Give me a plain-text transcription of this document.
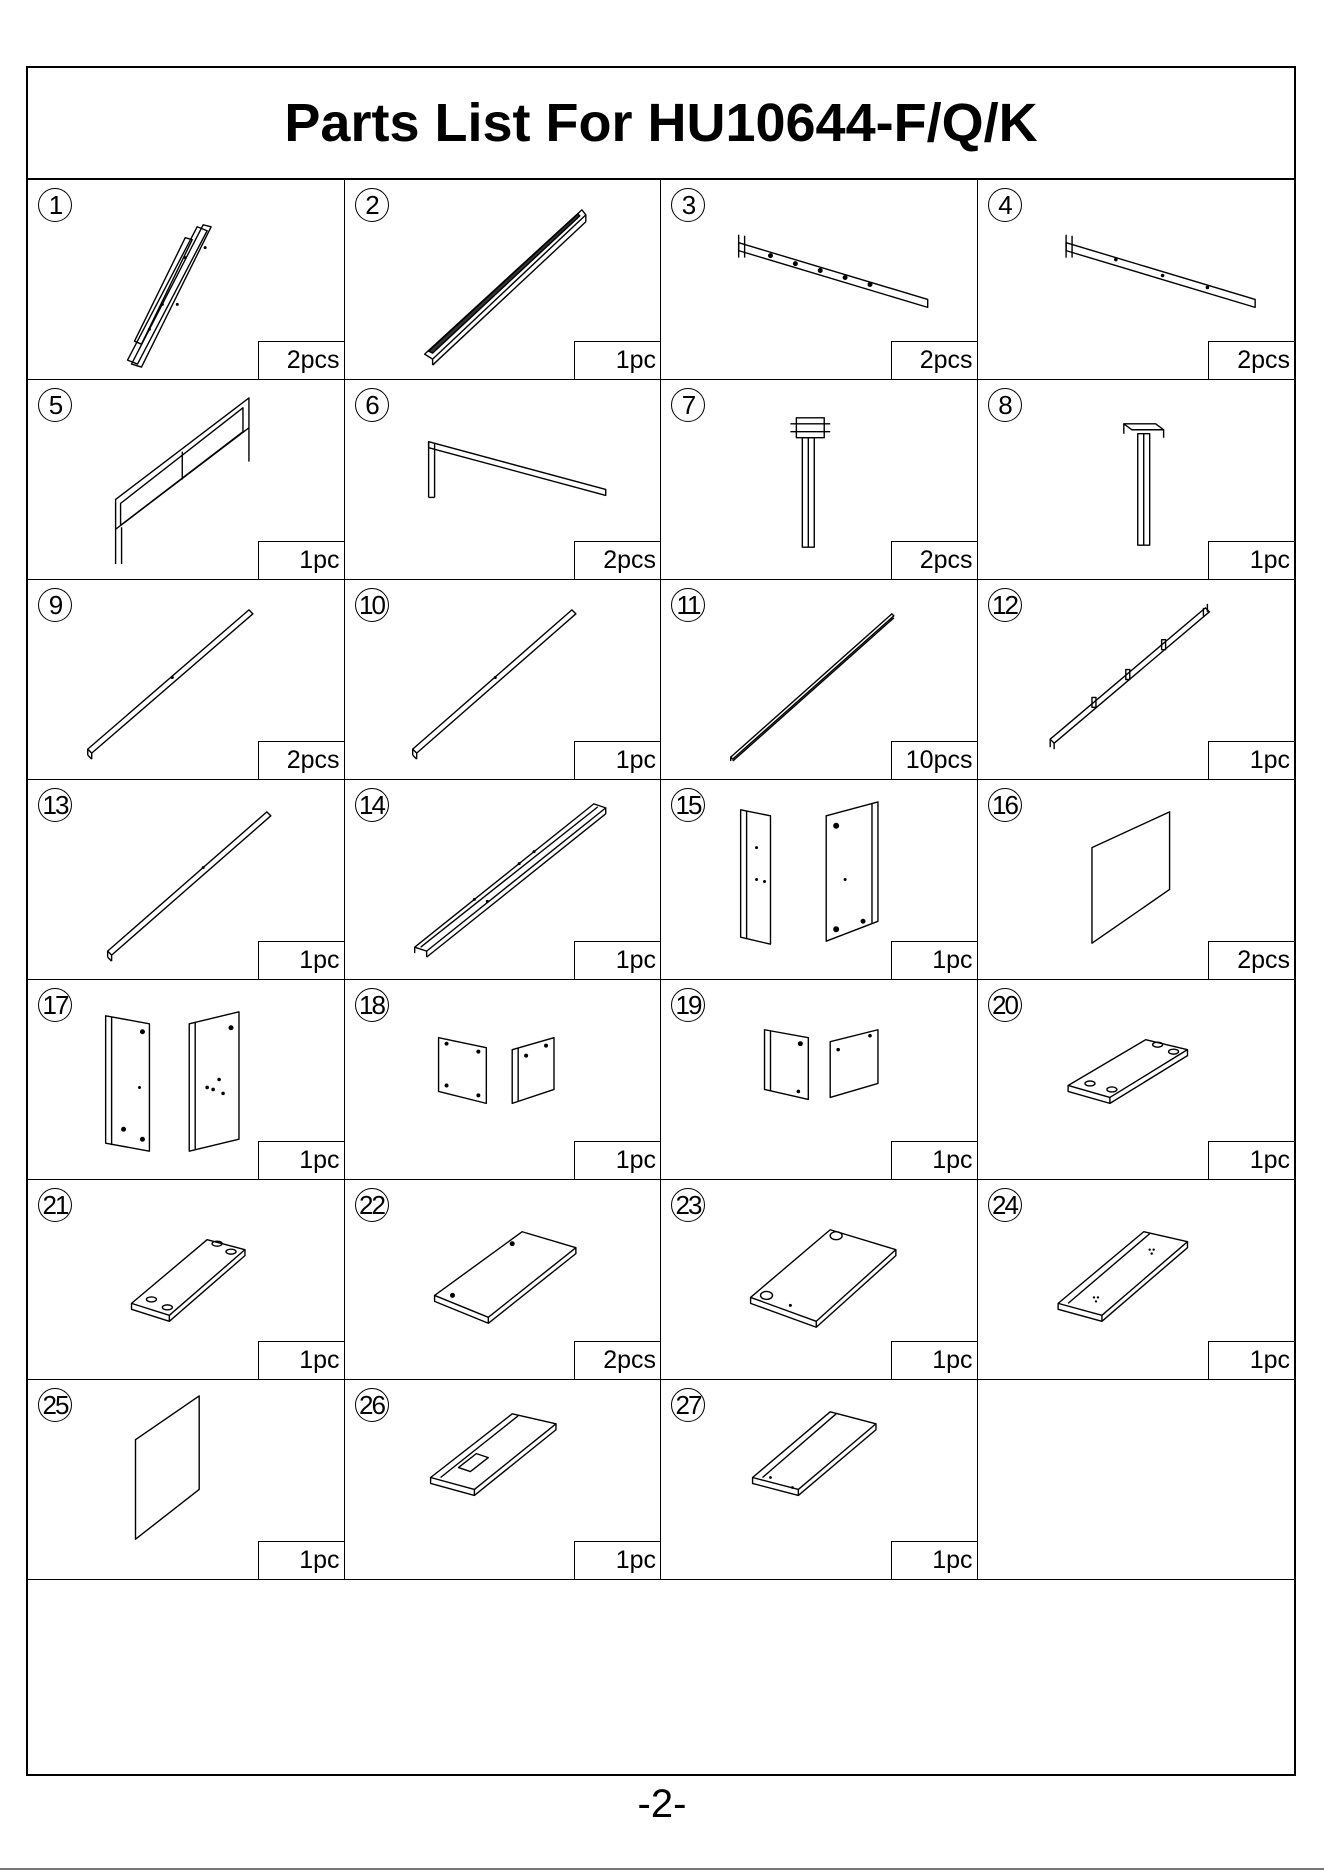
Parts List For HU10644-F/Q/K
1
2pcs
2
1pc
3
2pcs
4
2pcs
5
1pc
6
2pcs
7
2pcs
8
1pc
9
2pcs
10
1pc
11
10pcs
12
1pc
13
1pc
14
1pc
15
1pc
16
2pcs
17
1pc
18
1pc
19
1pc
20
1pc
21
1pc
22
2pcs
23
1pc
24
1pc
25
1pc
26
1pc
27
1pc
-2-
